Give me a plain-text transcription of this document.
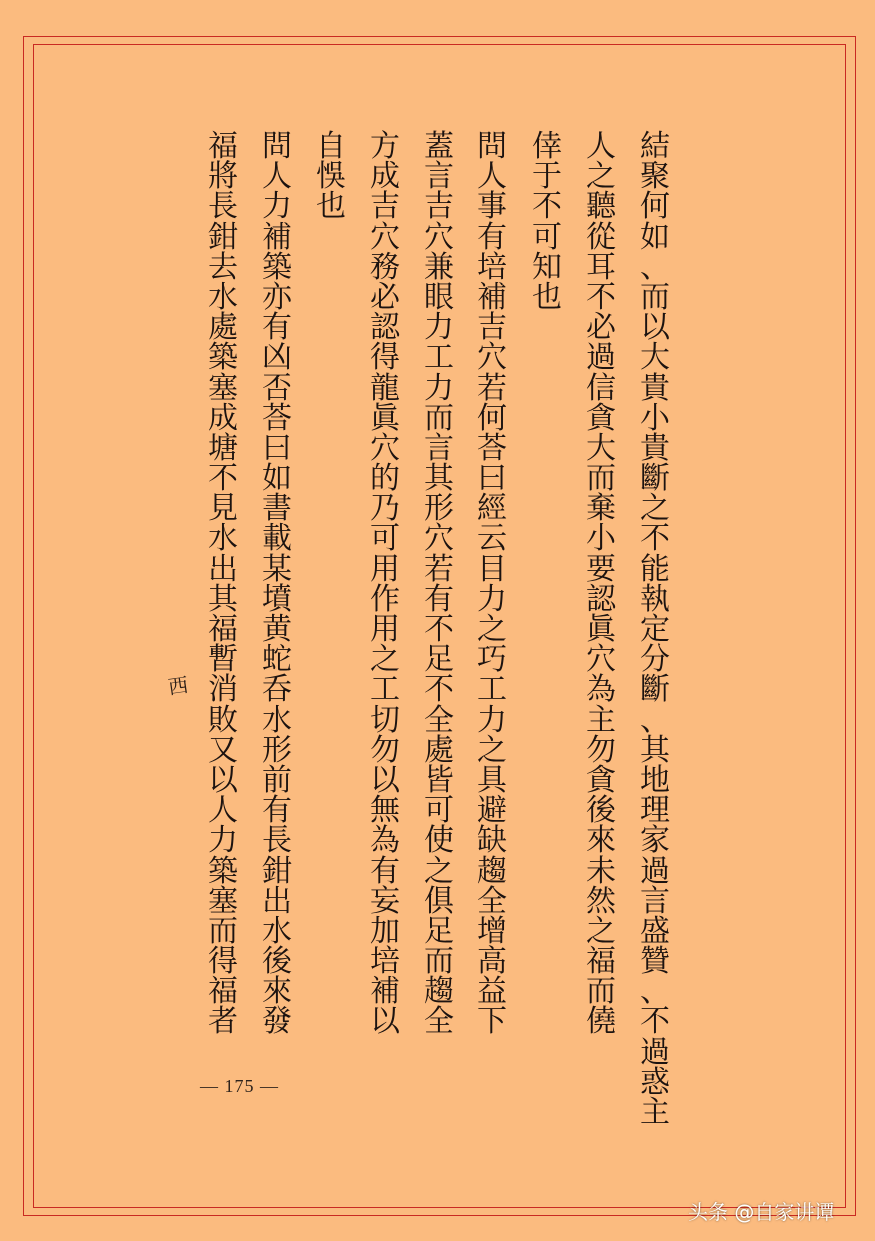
結
聚
何
如
、
而
以
大
貴
小
貴
斷
之
不
能
執
定
分
斷
、
其
地
理
家
過
言
盛
贊
、
不
過
惑
主
人
之
聽
從
耳
不
必
過
信
貪
大
而
棄
小
要
認
眞
穴
為
主
勿
貪
後
來
未
然
之
福
而
僥
倖
于
不
可
知
也
問
人
事
有
培
補
吉
穴
若
何
荅
曰
經
云
目
力
之
巧
工
力
之
具
避
缺
趨
全
增
高
益
下
蓋
言
吉
穴
兼
眼
力
工
力
而
言
其
形
穴
若
有
不
足
不
全
處
皆
可
使
之
俱
足
而
趨
全
方
成
吉
穴
務
必
認
得
龍
眞
穴
的
乃
可
用
作
用
之
工
切
勿
以
無
為
有
妄
加
培
補
以
自
悞
也
問
人
力
補
築
亦
有
凶
否
荅
曰
如
書
載
某
墳
黄
蛇
呑
水
形
前
有
長
鉗
出
水
後
來
發
福
將
長
鉗
去
水
處
築
塞
成
塘
不
見
水
出
其
福
暫
消
敗
又
以
人
力
築
塞
而
得
福
者
西
— 175 —
头条 @自家讲谭
